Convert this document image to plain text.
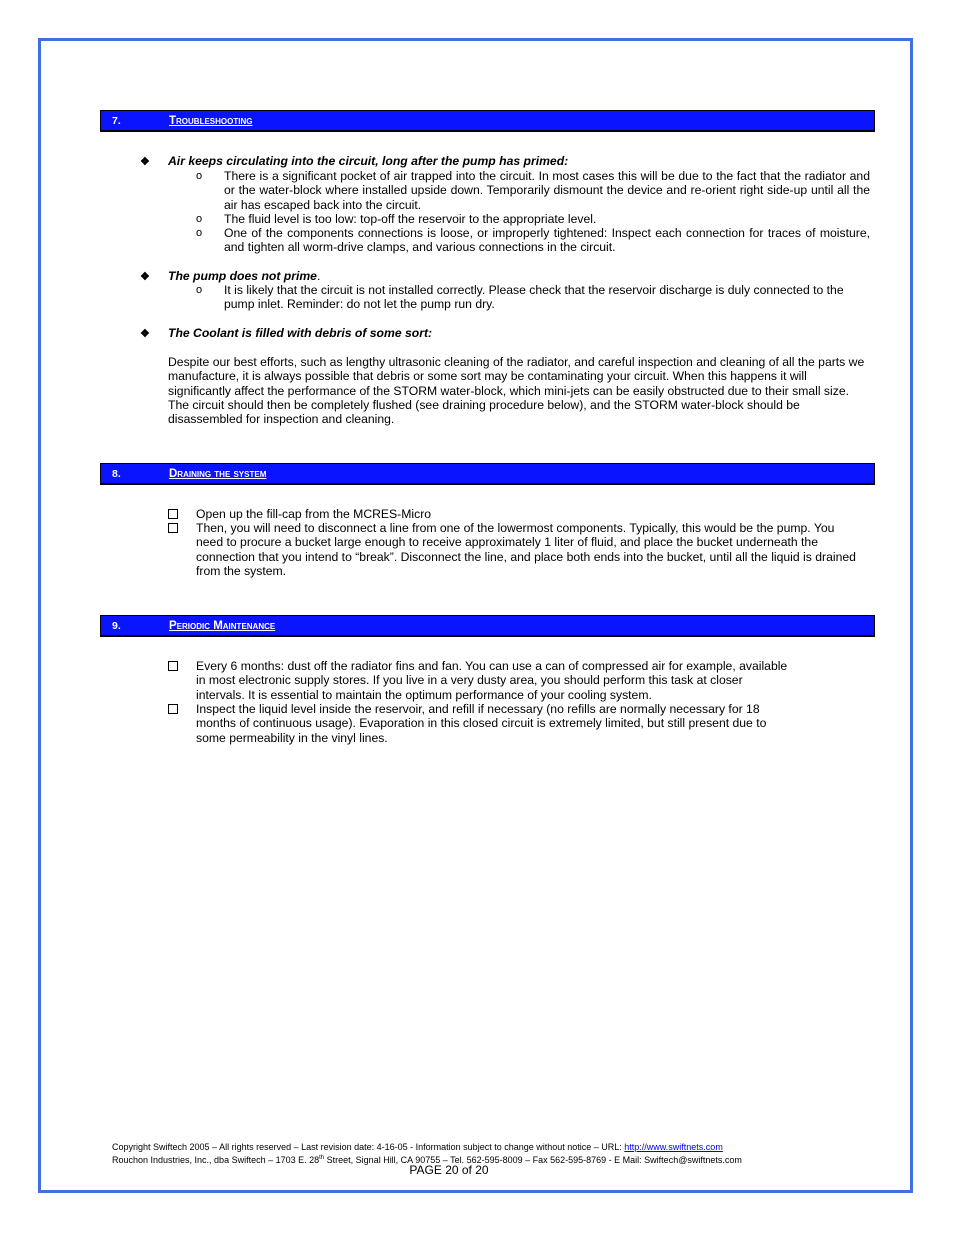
7.	Troubleshooting
❖ Air keeps circulating into the circuit, long after the pump has primed:
o There is a significant pocket of air trapped into the circuit. In most cases this will be due to the fact that the radiator and or the water-block where installed upside down. Temporarily dismount the device and re-orient right side-up until all the air has escaped back into the circuit.
o The fluid level is too low: top-off the reservoir to the appropriate level.
o One of the components connections is loose, or improperly tightened: Inspect each connection for traces of moisture, and tighten all worm-drive clamps, and various connections in the circuit.
❖ The pump does not prime.
o It is likely that the circuit is not installed correctly. Please check that the reservoir discharge is duly connected to the pump inlet. Reminder: do not let the pump run dry.
❖ The Coolant is filled with debris of some sort:
Despite our best efforts, such as lengthy ultrasonic cleaning of the radiator, and careful inspection and cleaning of all the parts we manufacture, it is always possible that debris or some sort may be contaminating your circuit. When this happens it will significantly affect the performance of the STORM water-block, which mini-jets can be easily obstructed due to their small size. The circuit should then be completely flushed (see draining procedure below), and the STORM water-block should be disassembled for inspection and cleaning.
8.	Draining the system
Open up the fill-cap from the MCRES-Micro
Then, you will need to disconnect a line from one of the lowermost components. Typically, this would be the pump. You need to procure a bucket large enough to receive approximately 1 liter of fluid, and place the bucket underneath the connection that you intend to “break”. Disconnect the line, and place both ends into the bucket, until all the liquid is drained from the system.
9.	Periodic Maintenance
Every 6 months: dust off the radiator fins and fan. You can use a can of compressed air for example, available in most electronic supply stores. If you live in a very dusty area, you should perform this task at closer intervals. It is essential to maintain the optimum performance of your cooling system.
Inspect the liquid level inside the reservoir, and refill if necessary (no refills are normally necessary for 18 months of continuous usage). Evaporation in this closed circuit is extremely limited, but still present due to some permeability in the vinyl lines.
Copyright Swiftech 2005 – All rights reserved – Last revision date: 4-16-05 - Information subject to change without notice – URL: http://www.swiftnets.com
Rouchon Industries, Inc., dba Swiftech – 1703 E. 28th Street, Signal Hill, CA 90755 – Tel. 562-595-8009 – Fax 562-595-8769 - E Mail: Swiftech@swiftnets.com
PAGE 20 of 20
